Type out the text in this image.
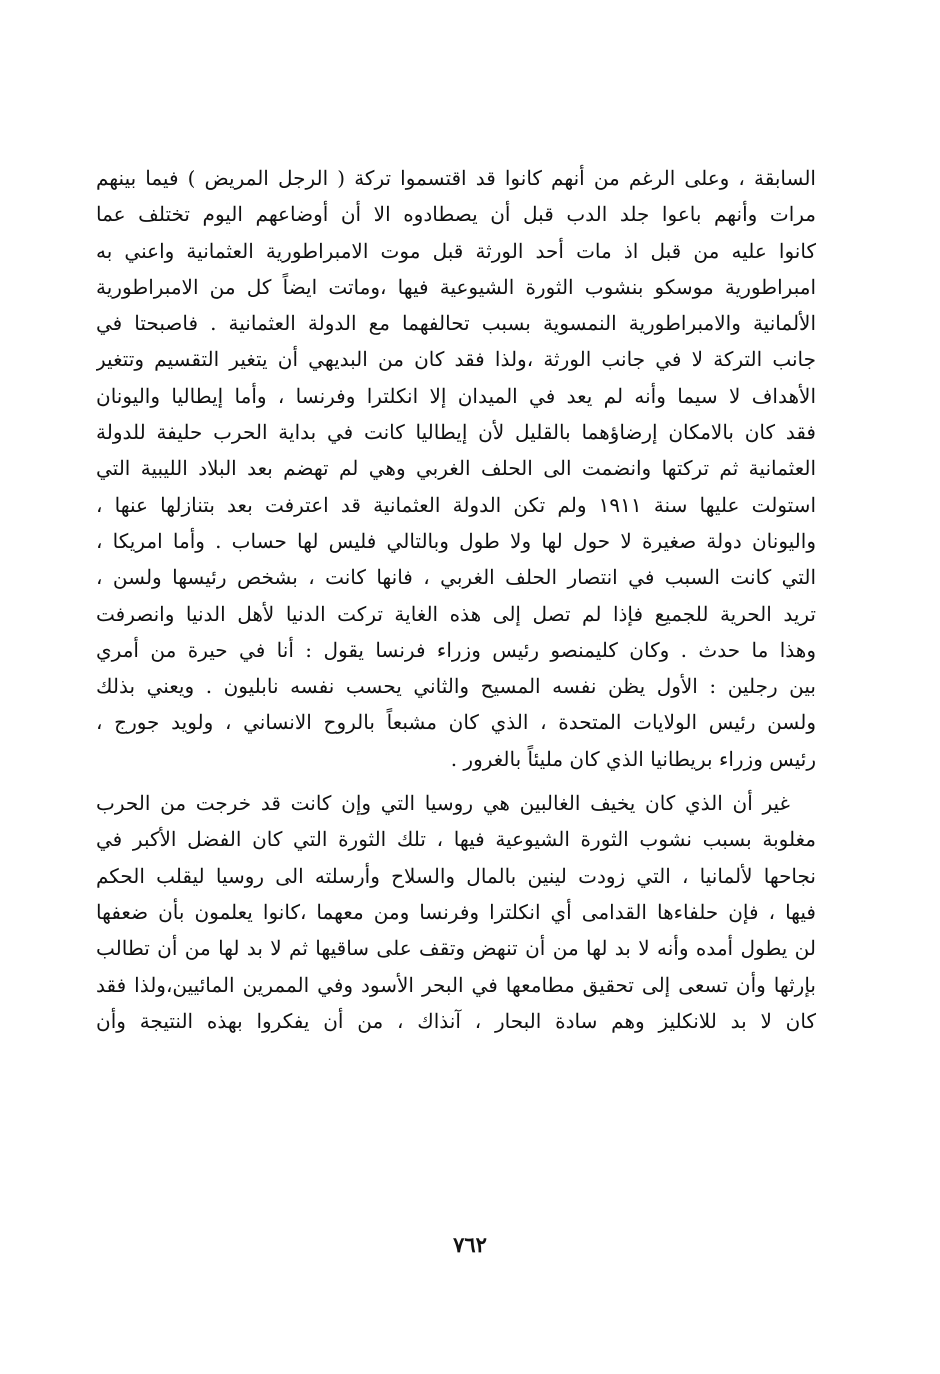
السابقة ، وعلى الرغم من أنهم كانوا قد اقتسموا تركة ( الرجل المريض ) فيما بينهم
مرات وأنهم باعوا جلد الدب قبل أن يصطادوه الا أن أوضاعهم اليوم تختلف عما
كانوا عليه من قبل اذ مات أحد الورثة قبل موت الامبراطورية العثمانية واعني به
امبراطورية موسكو بنشوب الثورة الشيوعية فيها ،وماتت ايضاً كل من الامبراطورية
الألمانية والامبراطورية النمسوية بسبب تحالفهما مع الدولة العثمانية . فاصبحتا في
جانب التركة لا في جانب الورثة ،ولذا فقد كان من البديهي أن يتغير التقسيم وتتغير
الأهداف لا سيما وأنه لم يعد في الميدان إلا انكلترا وفرنسا ، وأما إيطاليا واليونان
فقد كان بالامكان إرضاؤهما بالقليل لأن إيطاليا كانت في بداية الحرب حليفة للدولة
العثمانية ثم تركتها وانضمت الى الحلف الغربي وهي لم تهضم بعد البلاد الليبية التي
استولت عليها سنة ١٩١١ ولم تكن الدولة العثمانية قد اعترفت بعد بتنازلها عنها ،
واليونان دولة صغيرة لا حول لها ولا طول وبالتالي فليس لها حساب . وأما امريكا ،
التي كانت السبب في انتصار الحلف الغربي ، فانها كانت ، بشخص رئيسها ولسن ،
تريد الحرية للجميع فإذا لم تصل إلى هذه الغاية تركت الدنيا لأهل الدنيا وانصرفت
وهذا ما حدث . وكان كليمنصو رئيس وزراء فرنسا يقول : أنا في حيرة من أمري
بين رجلين : الأول يظن نفسه المسيح والثاني يحسب نفسه نابليون . ويعني بذلك
ولسن رئيس الولايات المتحدة ، الذي كان مشبعاً بالروح الانساني ، ولويد جورج ،
رئيس وزراء بريطانيا الذي كان مليئاً بالغرور .
غير أن الذي كان يخيف الغالبين هي روسيا التي وإن كانت قد خرجت من الحرب
مغلوبة بسبب نشوب الثورة الشيوعية فيها ، تلك الثورة التي كان الفضل الأكبر في
نجاحها لألمانيا ، التي زودت لينين بالمال والسلاح وأرسلته الى روسيا ليقلب الحكم
فيها ، فإن حلفاءها القدامى أي انكلترا وفرنسا ومن معهما ،كانوا يعلمون بأن ضعفها
لن يطول أمده وأنه لا بد لها من أن تنهض وتقف على ساقيها ثم لا بد لها من أن تطالب
بإرثها وأن تسعى إلى تحقيق مطامعها في البحر الأسود وفي الممرين المائيين،ولذا فقد
كان لا بد للانكليز وهم سادة البحار ، آنذاك ، من أن يفكروا بهذه النتيجة وأن
٧٦٢
